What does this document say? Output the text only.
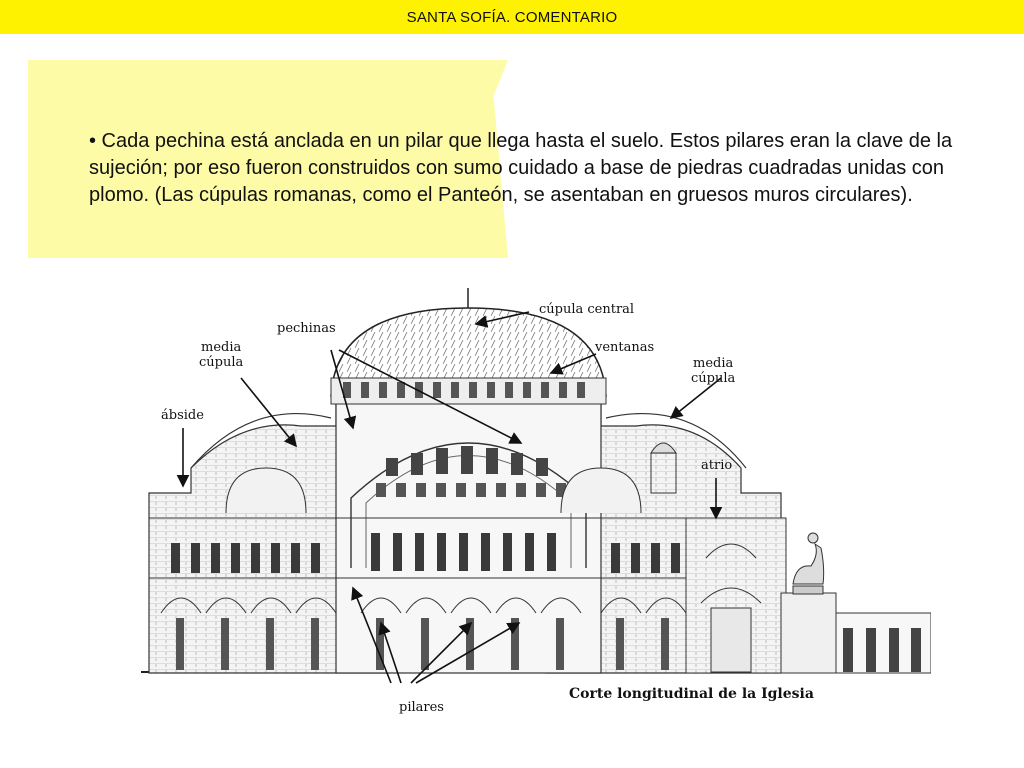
SANTA SOFÍA. COMENTARIO

• Cada pechina está anclada en un pilar que llega hasta el suelo. Estos pilares eran la clave de la sujeción; por eso fueron construidos con sumo cuidado a base de piedras cuadradas unidas con plomo. (Las cúpulas romanas, como el Panteón, se asentaban en gruesos muros circulares).

cúpula central
pechinas
ventanas
media
cúpula	media
cúpula
ábside
atrio
pilares
Corte longitudinal de la Iglesia
